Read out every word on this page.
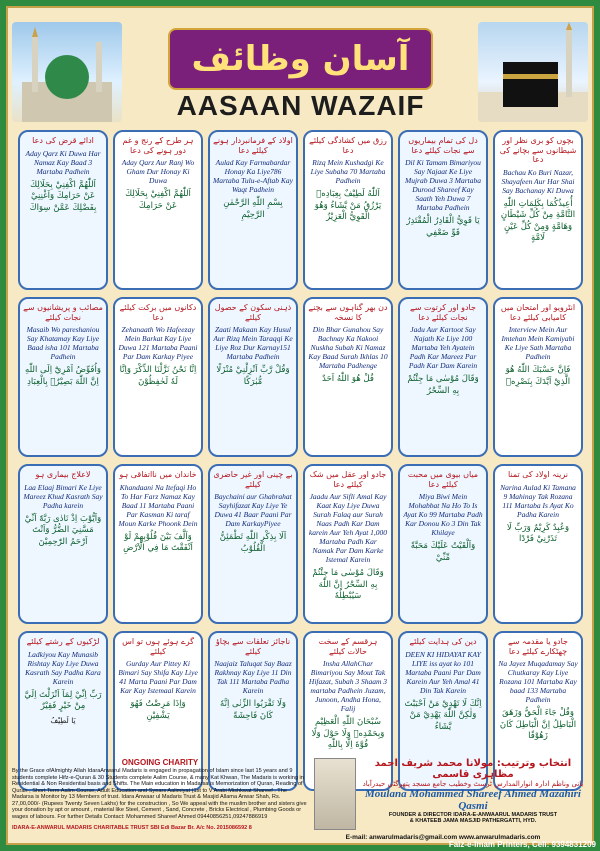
آسان وظائف
AASAAN WAZAIF
ادائے قرض کی دعا
Aday Qarz Ki Duwa Har Namaz Kay Baad 3 Martaba Padhein
اَللّٰهُمَّ اكْفِنِيْ بِحَلَالِكَ عَنْ حَرَامِكَ وَاَغْنِنِيْ بِفَضْلِكَ عَمَّنْ سِوَاكَ
ہر طرح کے رنج و غم دور ہونے کی دعا
Aday Qarz Aur Ranj Wo Gham Dur Honay Ki Duwa
اَللّٰهُمَّ اكْفِنِيْ بِحَلَالِكَ عَنْ حَرَامِكَ
اولاد کے فرمانبردار ہونے کیلئے دعا
Aulad Kay Farmabardar Honay Ka Liye786 Martaba Tulu-e-Aftab Kay Waqt Padhein
بِسْمِ اللّٰهِ الرَّحْمٰنِ الرَّحِيْمِ
رزق میں کشادگی کیلئے دعا
Rizq Mein Kushadgi Ke Liye Subaha 70 Martaba Padhein
اَللّٰهُ لَطِيْفٌ بِعِبَادِهٖ يَرْزُقُ مَنْ يَّشَاءُ وَهُوَ الْقَوِيُّ الْعَزِيْزُ
دل کی تمام بیماریوں سے نجات کیلئے دعا
Dil Ki Tamam Bimariyou Say Najaat Ke Liye Mujrab Duwa 3 Martaba Durood Shareef Kay Saath Yeh Duwa 7 Martaba Padhein
يَا قَوِيُّ الْقَادِرُ الْمُقْتَدِرُ قَوِّ ضَعْفِي
بچوں کو بری نظر اور شیطانوں سے بچانے کی دعا
Bachau Ko Buri Nazar, Shayafeen Aur Har Shai Say Bachanay Ki Duwa
أُعِيذُكُمَا بِكَلِمَاتِ اللّٰهِ التَّامَّةِ مِنْ كُلِّ شَيْطَانٍ وَهَامَّةٍ وَمِنْ كُلِّ عَيْنٍ لَامَّةٍ
مصائب و پریشانیوں سے نجات کیلئے
Masaib Wo pareshaniou Say Khatamay Kay Liye Baad isha 101 Martaba Padhein
وَاُفَوِّضُ اَمْرِيْٓ اِلَى اللّٰهِ اِنَّ اللّٰهَ بَصِيْرٌۢ بِالْعِبَادِ
دکانوں میں برکت کیلئے دعا
Zehanaath Wo Hafeezay Mein Barkat Kay Liye Duwa 121 Martaba Paani Par Dam Karkay Piyee
اِنَّا نَحْنُ نَزَّلْنَا الذِّكْرَ وَاِنَّا لَهٗ لَحٰفِظُوْنَ
ذہنی سکون کے حصول کیلئے
Zaati Makaan Kay Husul Aur Rizq Mein Taraqqi Ke Liye Roz Dur Karnay151 Martaba Padhein
وَقُلْ رَّبِّ اَنْزِلْنِيْ مُنْزَلًا مُّبٰرَكًا
دن بھر گناہوں سے بچنے کا نسخہ
Din Bhar Gunahou Say Bachnay Ka Nakooi Nuskha Subah Ki Namaz Kay Baad Surah Ikhlas 10 Martaba Padhenge
قُلْ هُوَ اللّٰهُ اَحَدٌ
جادو اور کرتوت سے نجات کیلئے دعا
Jadu Aur Kartoot Say Najath Ke Liye 100 Martaba Yeh Ayatein Padh Kar Mareez Par Padh Kar Dam Karein
وَقَالَ مُوْسٰى مَا جِئْتُمْ بِهِ السِّحْرُ
انٹرویو اور امتحان میں کامیابی کیلئے دعا
Interview Mein Aur Imtehan Mein Kamiyabi Ke Liye Sath Martaba Padhein
فَاِنَّ حَسْبَكَ اللّٰهُ هُوَ الَّذِيْ اَيَّدَكَ بِنَصْرِهٖ
لاعلاج بیماری ہو
Laa Elaaj Bimari Ke Liye Mareez Khud Kasrath Say Padha karein
وَاَيُّوْبَ اِذْ نَادٰى رَبَّهٗٓ اَنِّيْ مَسَّنِيَ الضُّرُّ وَاَنْتَ اَرْحَمُ الرّٰحِمِيْنَ
خاندان میں نااتفاقی ہو
Khandaani Na Itefaqi Ho To Har Farz Namaz Kay Baad 11 Martaba Paani Par Kasman Ki taraf Moun Karke Phoonk Dein
وَاَلَّفَ بَيْنَ قُلُوْبِهِمْ لَوْ اَنْفَقْتَ مَا فِي الْاَرْضِ
بے چینی اور غیر حاضری کیلئے
Baychaini aur Ghabrahat Sayhifazat Kay Liye Ye Duwa 41 Baar Paani Par Dam KarkayPiyee
اَلَا بِذِكْرِ اللّٰهِ تَطْمَئِنُّ الْقُلُوْبُ
جادو اور عقل میں شک کیلئے دعا
Jaadu Aur Sifli Amal Kay Kaat Kay Liye Duwa Surah Falaq aur Surah Naas Padh Kar Dam karein Aur Yeh Ayat 1,000 Martaba Padh Kar Namak Par Dam Karke Istemal Karein
وَقَالَ مُوْسٰى مَا جِئْتُمْ بِهِ السِّحْرُ اِنَّ اللّٰهَ سَيُبْطِلُهٗ
میاں بیوی میں محبت کیلئے دعا
Miya Biwi Mein Mohabbat Na Ho To Is Ayat Ko 99 Martaba Padh Kar Donou Ko 3 Din Tak Khilaye
وَاَلْقَيْتُ عَلَيْكَ مَحَبَّةً مِّنِّيْ
نرینہ اولاد کی تمنا
Narina Aulad Ki Tamana 9 Mahinay Tak Rozana 111 Martaba Is Ayat Ko Padha Karein
وَعُبِدٌ كَرِيْمٌ وَرَبِّ لَا تَذَرْنِيْ فَرْدًا
لڑکیوں کے رشتے کیلئے
Ladkiyou Kay Munasib Rishtay Kay Liye Duwa Kasrath Say Padha Kara Karein
رَبِّ اِنِّيْ لِمَآ اَنْزَلْتَ اِلَيَّ مِنْ خَيْرٍ فَقِيْرٌ
يَا لَطِيْفُ
گرے ہوئے ہوں تو اس کیلئے
Gurday Aur Pittey Ki Bimari Say Shifa Kay Liye 41 Marta Paani Par Dam Kar Kay Istemaal Karein
وَاِذَا مَرِضْتُ فَهُوَ يَشْفِيْنِ
ناجائز تعلقات سے بچاؤ کیلئے
Naajaiz Taluqat Say Baaz Rakhnay Kay Liye 11 Din Tak 111 Martaba Padha Karein
وَلَا تَقْرَبُوا الزِّنٰى اِنَّهٗ كَانَ فَاحِشَةً
ہرقسم کے سخت حالات کیلئے
Insha AllahChar Bimariyou Say Mout Tak Hifazat, Subah 3 Shaam 3 martaba Padhein Juzam, Junoon, Andha Hona, Falij
سُبْحَانَ اللّٰهِ الْعَظِيْمِ وَبِحَمْدِهٖ وَلَا حَوْلَ وَلَا قُوَّةَ اِلَّا بِاللّٰهِ
دین کی ہدایت کیلئے
DEEN KI HIDAYAT KAY LIYE iss ayat ko 101 Martaba Paani Par Dam Karein Aur Yeh Amal 41 Din Tak Karein
اِنَّكَ لَا تَهْدِيْ مَنْ اَحْبَبْتَ وَلٰكِنَّ اللّٰهَ يَهْدِيْ مَنْ يَّشَاءُ
جادو یا مقدمہ سے چھٹکارے کیلئے دعا
Na Jayez Muqadamay Say Chutkaray Kay Liye Rozana 101 Martaba Kay baad 133 Martaba Padhein
وَقُلْ جَاءَ الْحَقُّ وَزَهَقَ الْبَاطِلُ اِنَّ الْبَاطِلَ كَانَ زَهُوْقًا
ONGOING CHARITY

By the Grace ofAlmighty Allah IdaraAnwarul Madaris is engaged in propagation of Islam since last 15 years and 9 students complete Hifz-e-Quran & 30 Students complete Aalim Course, & many Kat Khwan, The Madaris is working in Residential & Non Residential basis and Shifts. The Main education in Madarsa is Memorization of Quran, Reading of Quran , Short Term Aalim Course, Adult Education and Syears Aalimiyat (1st to V Arabi Mishkwat Shareef . The Madarsa is Monitor by 13 Members of trust. Idara Anwaar ul Madaris Trust & Masjid Allama Anwar Shah, Rs. 27,00,000/- (Rupees Twenty Seven Lakhs) for the construction , So We appeal with the muslim brother and sisters give your donation by apt or amount , material like Steel, Cement , Sand, Concrete , Bricks Electrical , Plumbing Goods or wages of labours. For further Details Contact: Mohammed Shareef Ahmed 09440856251,09247886919

IDARA-E-ANWARUL MADARIS CHARITABLE TRUST SBI Edi Bazar Br. A/c No. 2015086592 8
انتخاب وترتیب: مولانا محمد شریف احمد مظاہری قاسمی
بانی وناظم ادارہ انوارالمدارس ٹرسٹ وخطیب جامع مسجد پتھرگٹی حیدرآباد
Moulana Mohammed Shareef Ahmed Mazahiri Qasmi
FOUNDER & DIRECTOR IDARA-E-ANWAARUL MADARIS TRUST
& KHATEEB JAMA MASJID PATHERGATTI, HYD.
E-mail: anwarulmadaris@gmail.com www.anwarulmadaris.com
Faiz-e-Imam Printers, Cell: 9394831209
